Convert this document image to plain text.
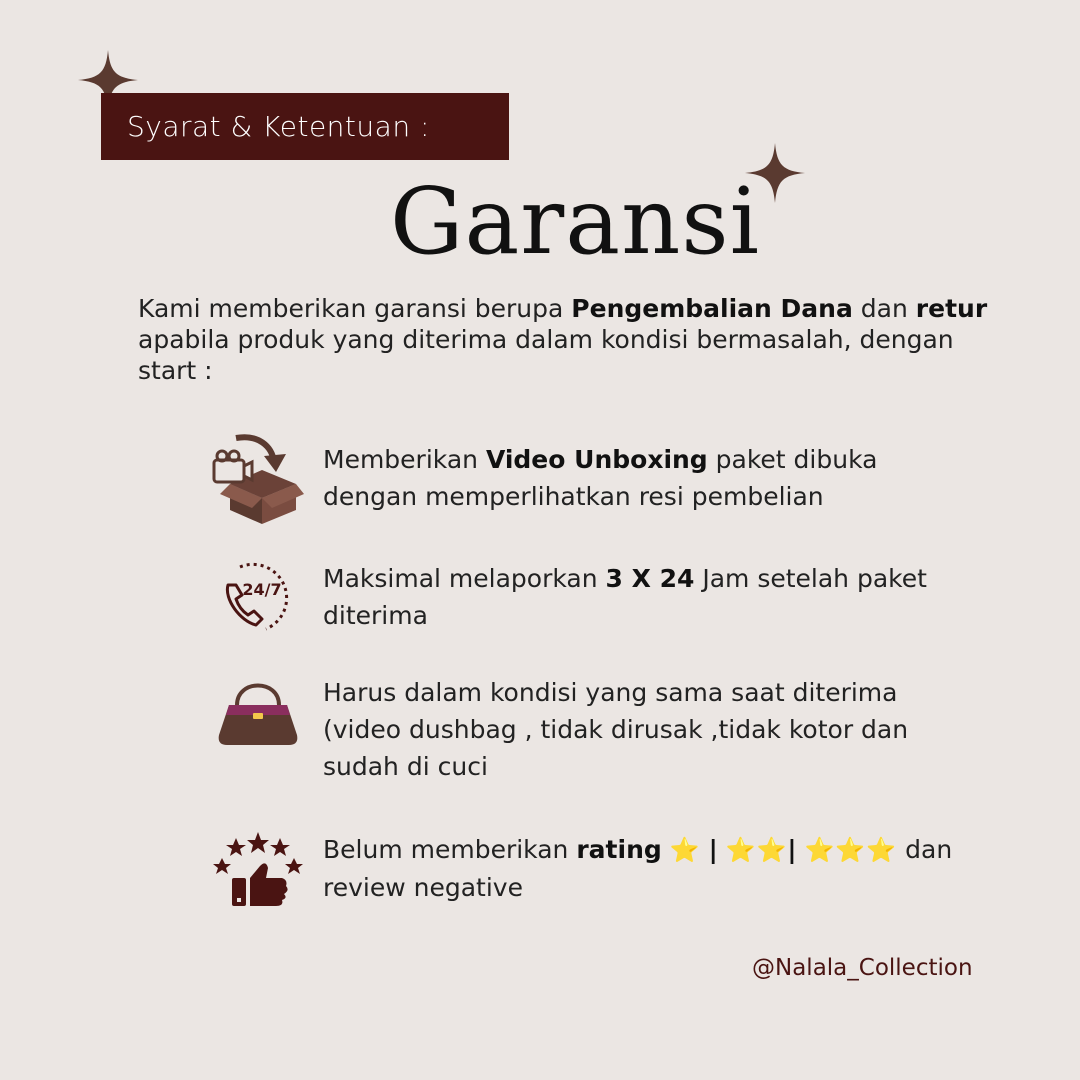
Syarat & Ketentuan :
Garansi
Kami memberikan garansi berupa Pengembalian Dana dan retur apabila produk yang diterima dalam kondisi bermasalah, dengan start :
Memberikan Video Unboxing paket dibuka dengan memperlihatkan resi pembelian
24/7 Maksimal melaporkan 3 X 24 Jam setelah paket diterima
Harus dalam kondisi yang sama saat diterima (video dushbag , tidak dirusak ,tidak kotor dan sudah di cuci
Belum memberikan rating ⭐ | ⭐⭐| ⭐⭐⭐ dan review negative
@Nalala_Collection
